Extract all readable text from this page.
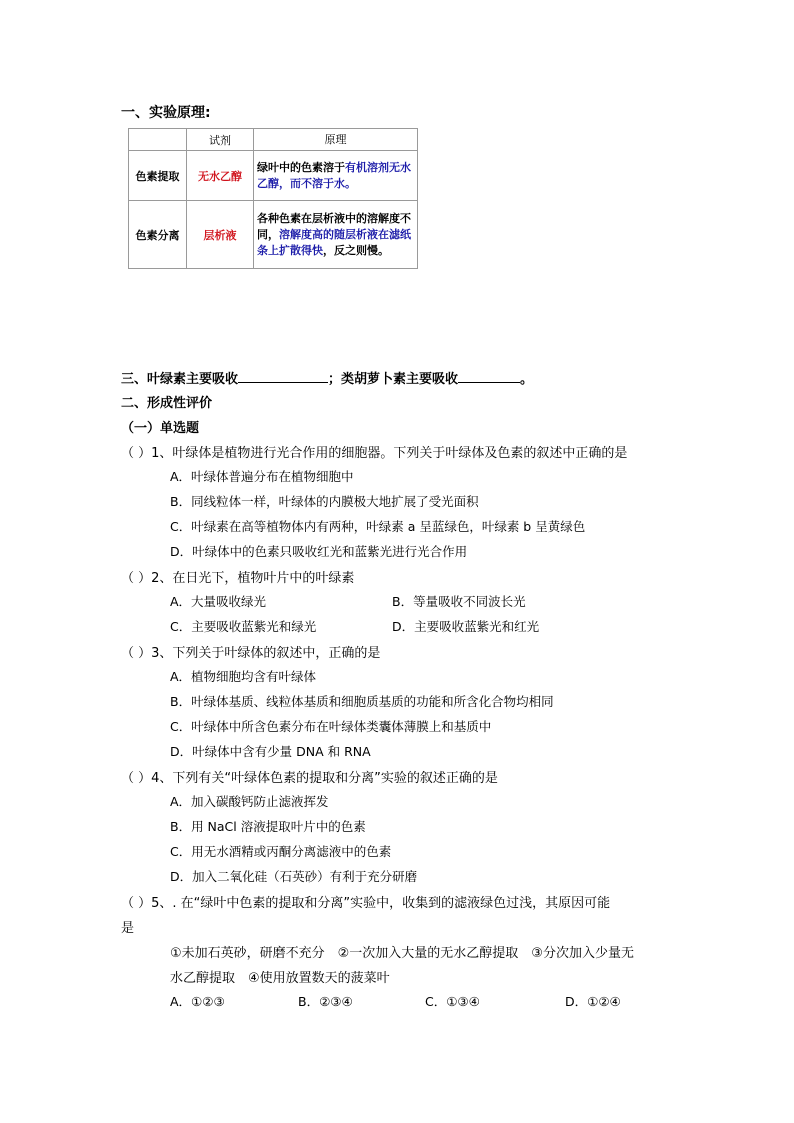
一、实验原理:
	试剂	原理
色素提取	无水乙醇	绿叶中的色素溶于有机溶剂无水乙醇，而不溶于水。
色素分离	层析液	各种色素在层析液中的溶解度不同，溶解度高的随层析液在滤纸条上扩散得快，反之则慢。
三、叶绿素主要吸收	；类胡萝卜素主要吸收	。
二、形成性评价
（一）单选题
（ ）1、叶绿体是植物进行光合作用的细胞器。下列关于叶绿体及色素的叙述中正确的是
A．叶绿体普遍分布在植物细胞中
B．同线粒体一样，叶绿体的内膜极大地扩展了受光面积
C．叶绿素在高等植物体内有两种，叶绿素 a 呈蓝绿色，叶绿素 b 呈黄绿色
D．叶绿体中的色素只吸收红光和蓝紫光进行光合作用
（ ）2、在日光下，植物叶片中的叶绿素
A．大量吸收绿光	B．等量吸收不同波长光
C．主要吸收蓝紫光和绿光	D．主要吸收蓝紫光和红光
（ ）3、下列关于叶绿体的叙述中，正确的是
A．植物细胞均含有叶绿体
B．叶绿体基质、线粒体基质和细胞质基质的功能和所含化合物均相同
C．叶绿体中所含色素分布在叶绿体类囊体薄膜上和基质中
D．叶绿体中含有少量 DNA 和 RNA
（ ）4、下列有关“叶绿体色素的提取和分离”实验的叙述正确的是
A．加入碳酸钙防止滤液挥发
B．用 NaCl 溶液提取叶片中的色素
C．用无水酒精或丙酮分离滤液中的色素
D．加入二氧化硅（石英砂）有利于充分研磨
（ ）5、. 在“绿叶中色素的提取和分离”实验中，收集到的滤液绿色过浅，其原因可能
是
①未加石英砂，研磨不充分　②一次加入大量的无水乙醇提取　③分次加入少量无
水乙醇提取　④使用放置数天的菠菜叶
A．①②③	B．②③④	C．①③④	D．①②④
